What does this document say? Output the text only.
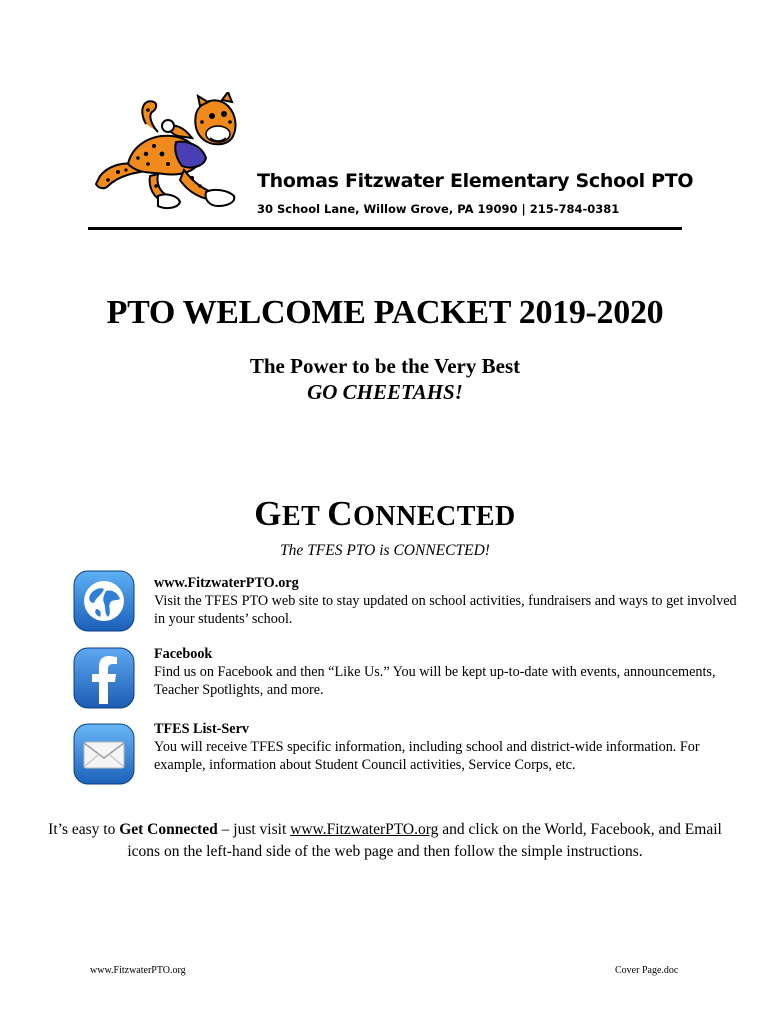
Thomas Fitzwater Elementary School PTO
30 School Lane, Willow Grove, PA 19090 | 215-784-0381
PTO WELCOME PACKET 2019-2020
The Power to be the Very Best
GO CHEETAHS!
GET CONNECTED
The TFES PTO is CONNECTED!
www.FitzwaterPTO.org
Visit the TFES PTO web site to stay updated on school activities, fundraisers and ways to get involved in your students’ school.
Facebook
Find us on Facebook and then “Like Us.” You will be kept up-to-date with events, announcements, Teacher Spotlights, and more.
TFES List-Serv
You will receive TFES specific information, including school and district-wide information. For example, information about Student Council activities, Service Corps, etc.
It’s easy to Get Connected – just visit www.FitzwaterPTO.org and click on the World, Facebook, and Email icons on the left-hand side of the web page and then follow the simple instructions.
www.FitzwaterPTO.org	Cover Page.doc
